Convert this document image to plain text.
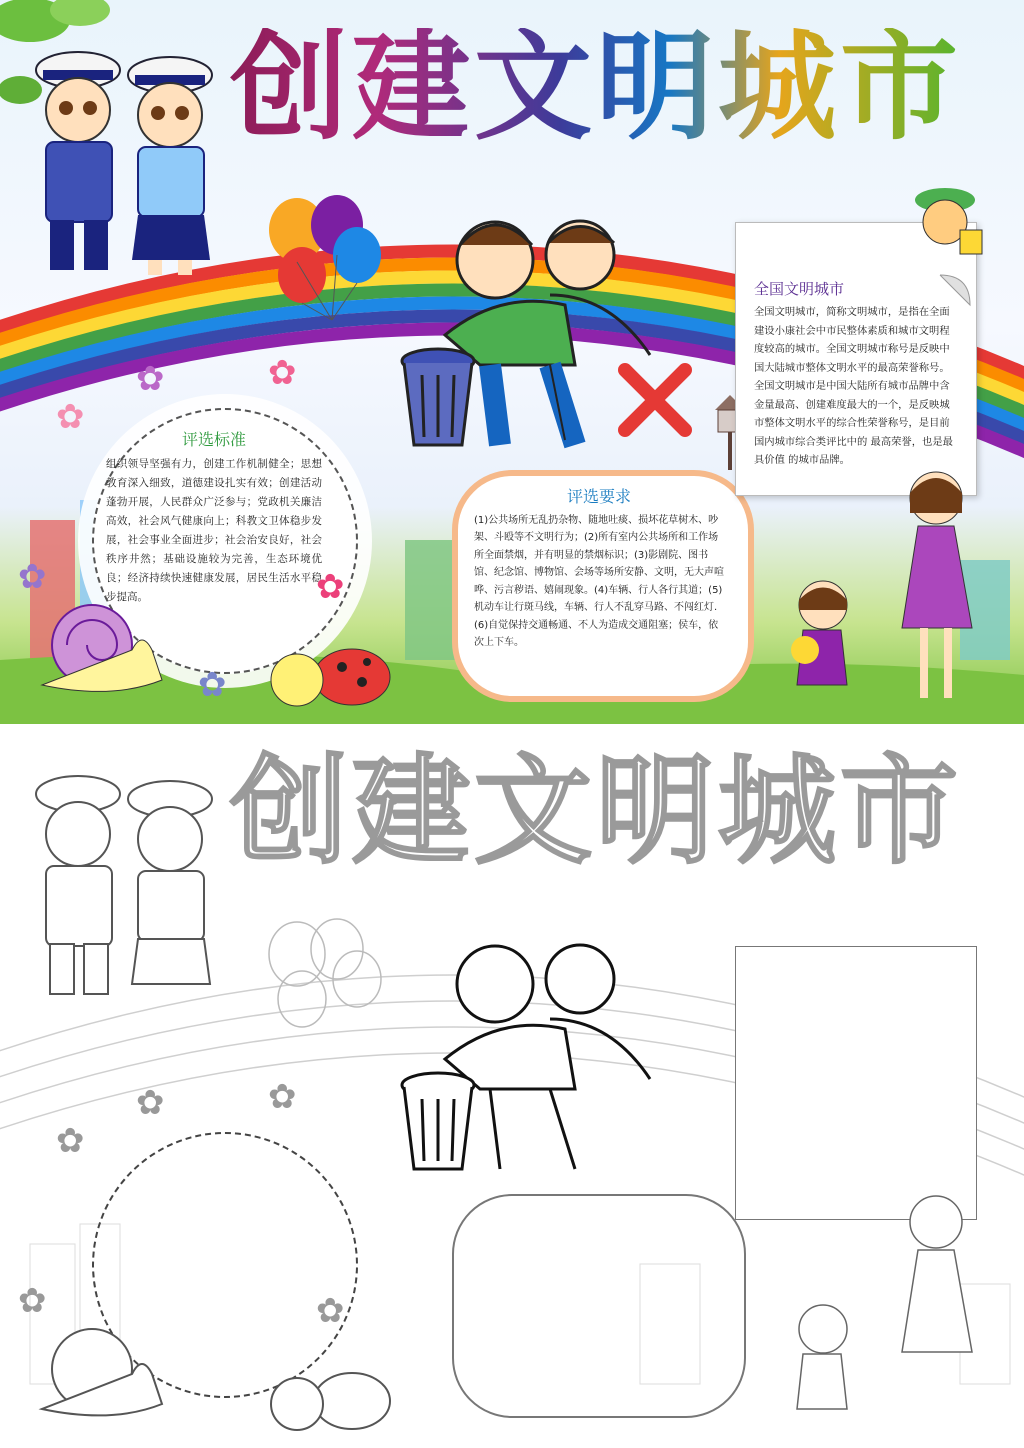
创建文明城市
评选标准
组织领导坚强有力，创建工作机制健全；思想教育深入细致，道德建设扎实有效；创建活动蓬勃开展，人民群众广泛参与；党政机关廉洁高效，社会风气健康向上；科教文卫体稳步发展，社会事业全面进步；社会治安良好，社会秩序井然；基础设施较为完善，生态环境优良；经济持续快速健康发展，居民生活水平稳步提高。
评选要求
(1)公共场所无乱扔杂物、随地吐痰、损坏花草树木、吵架、斗殴等不文明行为；(2)所有室内公共场所和工作场所全面禁烟，并有明显的禁烟标识；(3)影剧院、图书馆、纪念馆、博物馆、会场等场所安静、文明，无大声喧哗、污言秽语、嬉闹现象。(4)车辆、行人各行其道；(5)机动车让行斑马线，车辆、行人不乱穿马路、不闯红灯.(6)自觉保持交通畅通、不人为造成交通阻塞；侯车，依次上下车。
全国文明城市
全国文明城市，简称文明城市，是指在全面建设小康社会中市民整体素质和城市文明程度较高的城市。全国文明城市称号是反映中国大陆城市整体文明水平的最高荣誉称号。全国文明城市是中国大陆所有城市品牌中含金量最高、创建难度最大的一个，是反映城市整体文明水平的综合性荣誉称号，是目前国内城市综合类评比中的 最高荣誉，也是最具价值 的城市品牌。
✿
✿
✿
✿
✿
✿
创建文明城市
✿
✿
✿
✿
✿
